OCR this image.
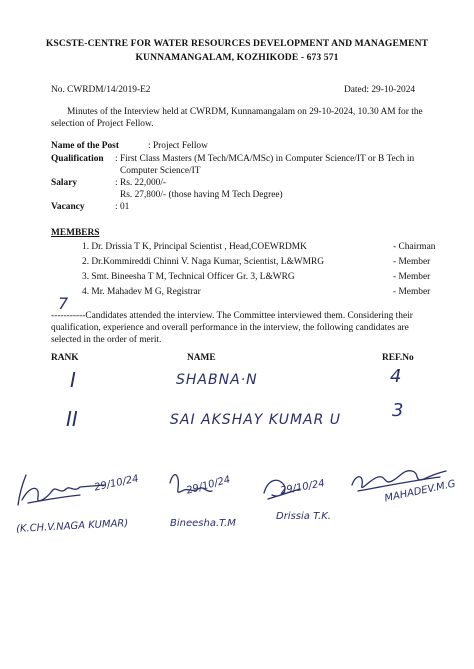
KSCSTE-CENTRE FOR WATER RESOURCES DEVELOPMENT AND MANAGEMENT
KUNNAMANGALAM, KOZHIKODE - 673 571
No. CWRDM/14/2019-E2	Dated: 29-10-2024
Minutes of the Interview held at CWRDM, Kunnamangalam on 29-10-2024, 10.30 AM for the
selection of Project Fellow.
Name of the Post	: Project Fellow
Qualification : First Class Masters (M Tech/MCA/MSc) in Computer Science/IT or B Tech in
Computer Science/IT
Salary	: Rs. 22,000/-
Rs. 27,800/- (those having M Tech Degree)
Vacancy	: 01
MEMBERS
1. Dr. Drissia T K, Principal Scientist , Head,COEWRDMK	- Chairman
2. Dr.Kommireddi Chinni V. Naga Kumar, Scientist, L&WMRG	- Member
3. Smt. Bineesha T M, Technical Officer Gr. 3, L&WRG	- Member
4. Mr. Mahadev M G, Registrar	- Member
7
-----------Candidates attended the interview. The Committee interviewed them. Considering their
qualification, experience and overall performance in the interview, the following candidates are
selected in the order of merit.
RANK	NAME	REF.No
I	SHABNA·N	4
II	SAI AKSHAY KUMAR U	3
29/10/24
(K.CH.V.NAGA KUMAR)
29/10/24
Bineesha.T.M
29/10/24
Drissia T.K.
MAHADEV.M.G
